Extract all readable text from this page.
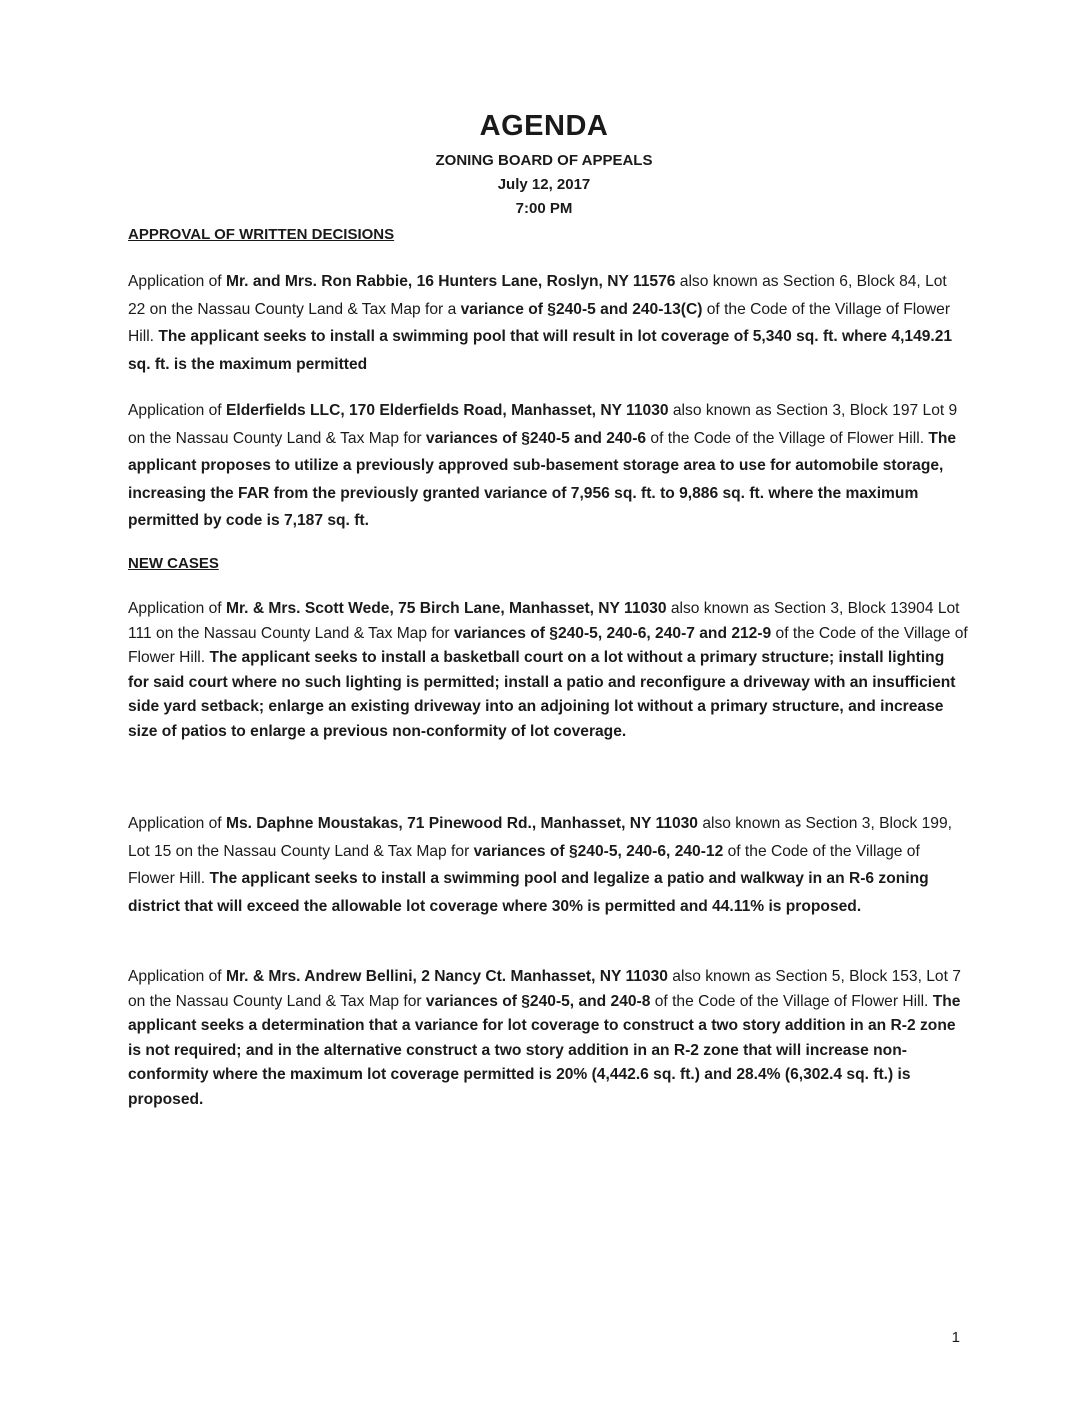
AGENDA
ZONING BOARD OF APPEALS
July 12, 2017
7:00 PM
APPROVAL OF WRITTEN DECISIONS

Application of Mr. and Mrs. Ron Rabbie, 16 Hunters Lane, Roslyn, NY 11576 also known as Section 6, Block 84, Lot 22 on the Nassau County Land & Tax Map for a variance of §240-5 and 240-13(C) of the Code of the Village of Flower Hill. The applicant seeks to install a swimming pool that will result in lot coverage of 5,340 sq. ft. where 4,149.21 sq. ft. is the maximum permitted

Application of Elderfields LLC, 170 Elderfields Road, Manhasset, NY 11030 also known as Section 3, Block 197 Lot 9 on the Nassau County Land & Tax Map for variances of §240-5 and 240-6 of the Code of the Village of Flower Hill. The applicant proposes to utilize a previously approved sub-basement storage area to use for automobile storage, increasing the FAR from the previously granted variance of 7,956 sq. ft. to 9,886 sq. ft. where the maximum permitted by code is 7,187 sq. ft.

NEW CASES

Application of Mr. & Mrs. Scott Wede, 75 Birch Lane, Manhasset, NY 11030 also known as Section 3, Block 13904 Lot 111 on the Nassau County Land & Tax Map for variances of §240-5, 240-6, 240-7 and 212-9 of the Code of the Village of Flower Hill. The applicant seeks to install a basketball court on a lot without a primary structure; install lighting for said court where no such lighting is permitted; install a patio and reconfigure a driveway with an insufficient side yard setback; enlarge an existing driveway into an adjoining lot without a primary structure, and increase size of patios to enlarge a previous non-conformity of lot coverage.

Application of Ms. Daphne Moustakas, 71 Pinewood Rd., Manhasset, NY 11030 also known as Section 3, Block 199, Lot 15 on the Nassau County Land & Tax Map for variances of §240-5, 240-6, 240-12 of the Code of the Village of Flower Hill. The applicant seeks to install a swimming pool and legalize a patio and walkway in an R-6 zoning district that will exceed the allowable lot coverage where 30% is permitted and 44.11% is proposed.

Application of Mr. & Mrs. Andrew Bellini, 2 Nancy Ct. Manhasset, NY 11030 also known as Section 5, Block 153, Lot 7 on the Nassau County Land & Tax Map for variances of §240-5, and 240-8 of the Code of the Village of Flower Hill. The applicant seeks a determination that a variance for lot coverage to construct a two story addition in an R-2 zone is not required; and in the alternative construct a two story addition in an R-2 zone that will increase non-conformity where the maximum lot coverage permitted is 20% (4,442.6 sq. ft.) and 28.4% (6,302.4 sq. ft.) is proposed.

1
